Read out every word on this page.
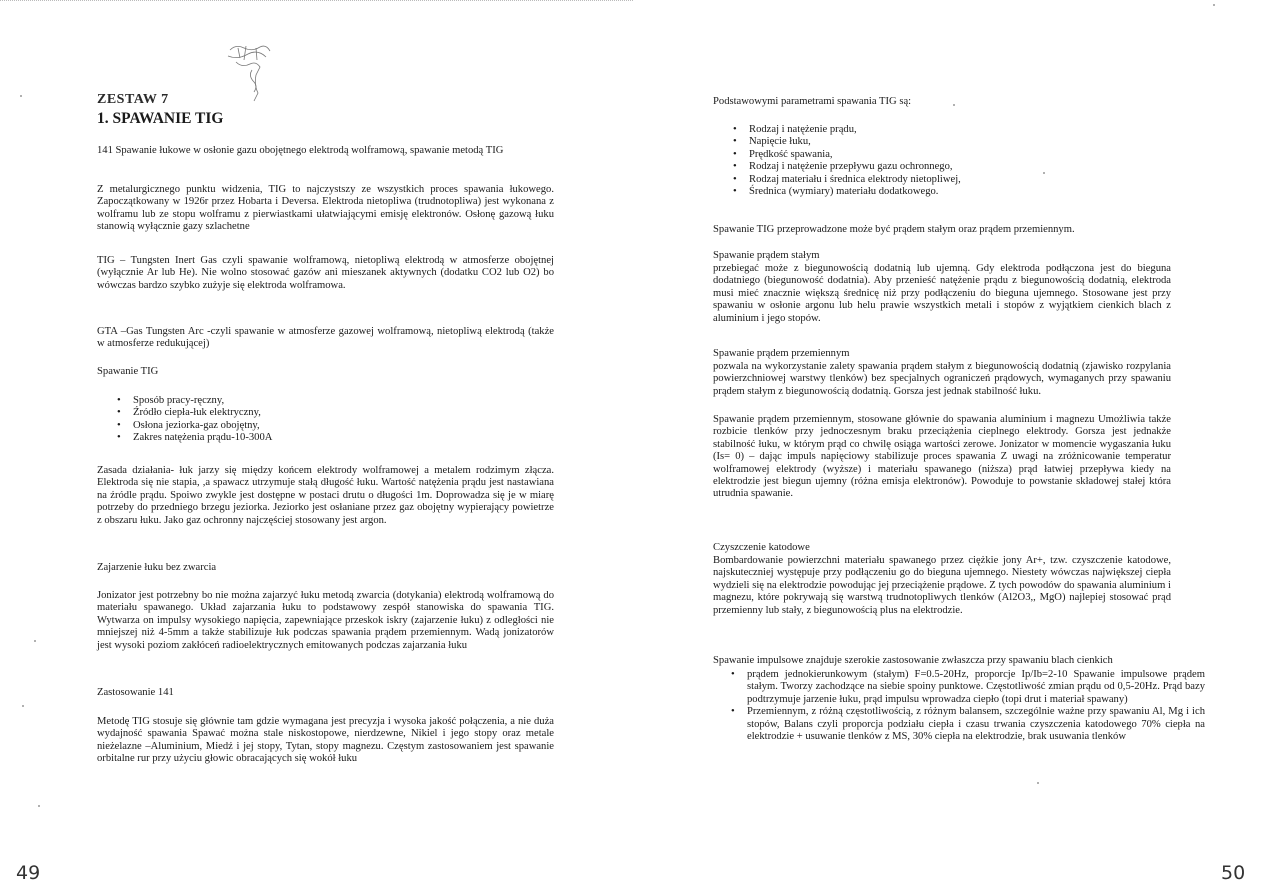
ZESTAW 7
1. SPAWANIE TIG

141 Spawanie łukowe w osłonie gazu obojętnego elektrodą wolframową, spawanie metodą TIG

Z metalurgicznego punktu widzenia, TIG to najczystszy ze wszystkich proces spawania łukowego. Zapoczątkowany w 1926r przez Hobarta i Deversa. Elektroda nietopliwa (trudnotopliwa) jest wykonana z wolframu lub ze stopu wolframu z pierwiastkami ułatwiającymi emisję elektronów. Osłonę gazową łuku stanowią wyłącznie gazy szlachetne

TIG – Tungsten Inert Gas czyli spawanie wolframową, nietopliwą elektrodą w atmosferze obojętnej (wyłącznie Ar lub He). Nie wolno stosować gazów ani mieszanek aktywnych (dodatku CO2 lub O2) bo wówczas bardzo szybko zużyje się elektroda wolframowa.

GTA –Gas Tungsten Arc -czyli spawanie w atmosferze gazowej wolframową, nietopliwą elektrodą (także w atmosferze redukującej)

Spawanie TIG

• Sposób pracy-ręczny,
• Źródło ciepła-łuk elektryczny,
• Osłona jeziorka-gaz obojętny,
• Zakres natężenia prądu-10-300A

Zasada działania- łuk jarzy się między końcem elektrody wolframowej a metalem rodzimym złącza. Elektroda się nie stapia, ,a spawacz utrzymuje stałą długość łuku. Wartość natężenia prądu jest nastawiana na źródle prądu. Spoiwo zwykle jest dostępne w postaci drutu o długości 1m. Doprowadza się je w miarę potrzeby do przedniego brzegu jeziorka. Jeziorko jest osłaniane przez gaz obojętny wypierający powietrze z obszaru łuku. Jako gaz ochronny najczęściej stosowany jest argon.

Zajarzenie łuku bez zwarcia

Jonizator jest potrzebny bo nie można zajarzyć łuku metodą zwarcia (dotykania) elektrodą wolframową do materiału spawanego. Układ zajarzania łuku to podstawowy zespół stanowiska do spawania TIG. Wytwarza on impulsy wysokiego napięcia, zapewniające przeskok iskry (zajarzenie łuku) z odległości nie mniejszej niż 4-5mm a także stabilizuje łuk podczas spawania prądem przemiennym. Wadą jonizatorów jest wysoki poziom zakłóceń radioelektrycznych emitowanych podczas zajarzania łuku

Zastosowanie 141

Metodę TIG stosuje się głównie tam gdzie wymagana jest precyzja i wysoka jakość połączenia, a nie duża wydajność spawania Spawać można stale niskostopowe, nierdzewne, Nikiel i jego stopy oraz metale nieżelazne –Aluminium, Miedź i jej stopy, Tytan, stopy magnezu. Częstym zastosowaniem jest spawanie orbitalne rur przy użyciu głowic obracających się wokół łuku

49

Podstawowymi parametrami spawania TIG są:

• Rodzaj i natężenie prądu,
• Napięcie łuku,
• Prędkość spawania,
• Rodzaj i natężenie przepływu gazu ochronnego,
• Rodzaj materiału i średnica elektrody nietopliwej,
• Średnica (wymiary) materiału dodatkowego.

Spawanie TIG przeprowadzone może być prądem stałym oraz prądem przemiennym.

Spawanie prądem stałym

przebiegać może z biegunowością dodatnią lub ujemną. Gdy elektroda podłączona jest do bieguna dodatniego (biegunowość dodatnia). Aby przenieść natężenie prądu z biegunowością dodatnią, elektroda musi mieć znacznie większą średnicę niż przy podłączeniu do bieguna ujemnego. Stosowane jest przy spawaniu w osłonie argonu lub helu prawie wszystkich metali i stopów z wyjątkiem cienkich blach z aluminium i jego stopów.

Spawanie prądem przemiennym

pozwala na wykorzystanie zalety spawania prądem stałym z biegunowością dodatnią (zjawisko rozpylania powierzchniowej warstwy tlenków) bez specjalnych ograniczeń prądowych, wymaganych przy spawaniu prądem stałym z biegunowością dodatnią. Gorsza jest jednak stabilność łuku.

Spawanie prądem przemiennym, stosowane głównie do spawania aluminium i magnezu Umożliwia także rozbicie tlenków przy jednoczesnym braku przeciążenia cieplnego elektrody. Gorsza jest jednakże stabilność łuku, w którym prąd co chwilę osiąga wartości zerowe. Jonizator w momencie wygaszania łuku (Is= 0) – dając impuls napięciowy stabilizuje proces spawania Z uwagi na zróżnicowanie temperatur wolframowej elektrody (wyższe) i materiału spawanego (niższa) prąd łatwiej przepływa kiedy na elektrodzie jest biegun ujemny (różna emisja elektronów). Powoduje to powstanie składowej stałej która utrudnia spawanie.

Czyszczenie katodowe

Bombardowanie powierzchni materiału spawanego przez ciężkie jony Ar+, tzw. czyszczenie katodowe, najskuteczniej występuje przy podłączeniu go do bieguna ujemnego. Niestety wówczas największej ciepła wydzieli się na elektrodzie powodując jej przeciążenie prądowe. Z tych powodów do spawania aluminium i magnezu, które pokrywają się warstwą trudnotopliwych tlenków (Al2O3,, MgO) najlepiej stosować prąd przemienny lub stały, z biegunowością plus na elektrodzie.

Spawanie impulsowe znajduje szerokie zastosowanie zwłaszcza przy spawaniu blach cienkich

• prądem jednokierunkowym (stałym) F=0.5-20Hz, proporcje Ip/Ib=2-10 Spawanie impulsowe prądem stałym. Tworzy zachodzące na siebie spoiny punktowe. Częstotliwość zmian prądu od 0,5-20Hz. Prąd bazy podtrzymuje jarzenie łuku, prąd impulsu wprowadza ciepło (topi drut i materiał spawany)
• Przemiennym, z różną częstotliwością, z różnym balansem, szczególnie ważne przy spawaniu Al, Mg i ich stopów, Balans czyli proporcja podziału ciepła i czasu trwania czyszczenia katodowego 70% ciepła na elektrodzie + usuwanie tlenków z MS, 30% ciepła na elektrodzie, brak usuwania tlenków
50
